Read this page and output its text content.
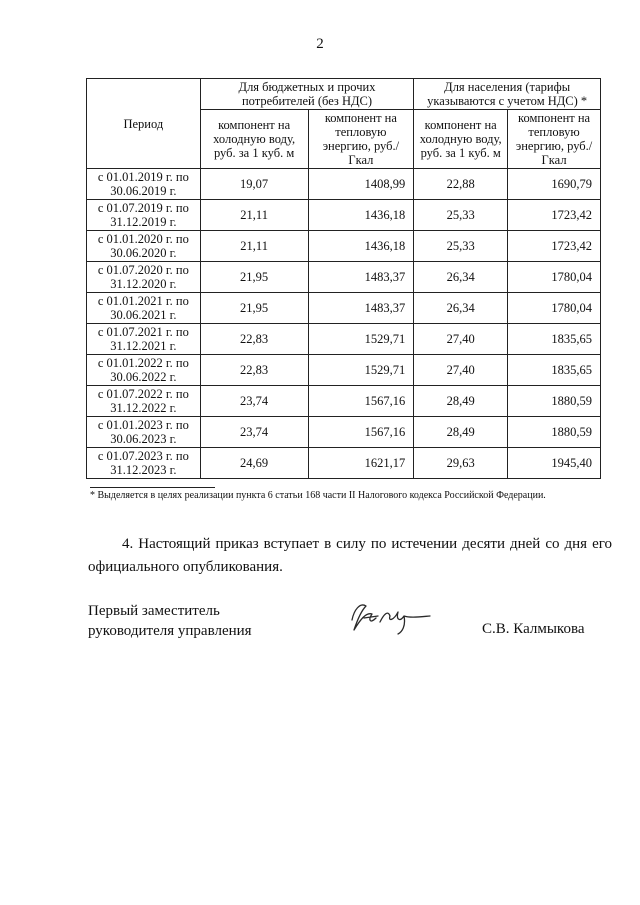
2
Период	Для бюджетных и прочих потребителей (без НДС)		Для населения (тарифы указываются с учетом НДС) *	
	компонент на холодную воду, руб. за 1 куб. м	компонент на тепловую энергию, руб./Гкал	компонент на холодную воду, руб. за 1 куб. м	компонент на тепловую энергию, руб./Гкал
с 01.01.2019 г. по 30.06.2019 г.	19,07	1408,99	22,88	1690,79
с 01.07.2019 г. по 31.12.2019 г.	21,11	1436,18	25,33	1723,42
с 01.01.2020 г. по 30.06.2020 г.	21,11	1436,18	25,33	1723,42
с 01.07.2020 г. по 31.12.2020 г.	21,95	1483,37	26,34	1780,04
с 01.01.2021 г. по 30.06.2021 г.	21,95	1483,37	26,34	1780,04
с 01.07.2021 г. по 31.12.2021 г.	22,83	1529,71	27,40	1835,65
с 01.01.2022 г. по 30.06.2022 г.	22,83	1529,71	27,40	1835,65
с 01.07.2022 г. по 31.12.2022 г.	23,74	1567,16	28,49	1880,59
с 01.01.2023 г. по 30.06.2023 г.	23,74	1567,16	28,49	1880,59
с 01.07.2023 г. по 31.12.2023 г.	24,69	1621,17	29,63	1945,40
* Выделяется в целях реализации пункта 6 статьи 168 части II Налогового кодекса Российской Федерации.
4. Настоящий приказ вступает в силу по истечении десяти дней со дня его официального опубликования.
Первый заместитель
руководителя управления	С.В. Калмыкова
